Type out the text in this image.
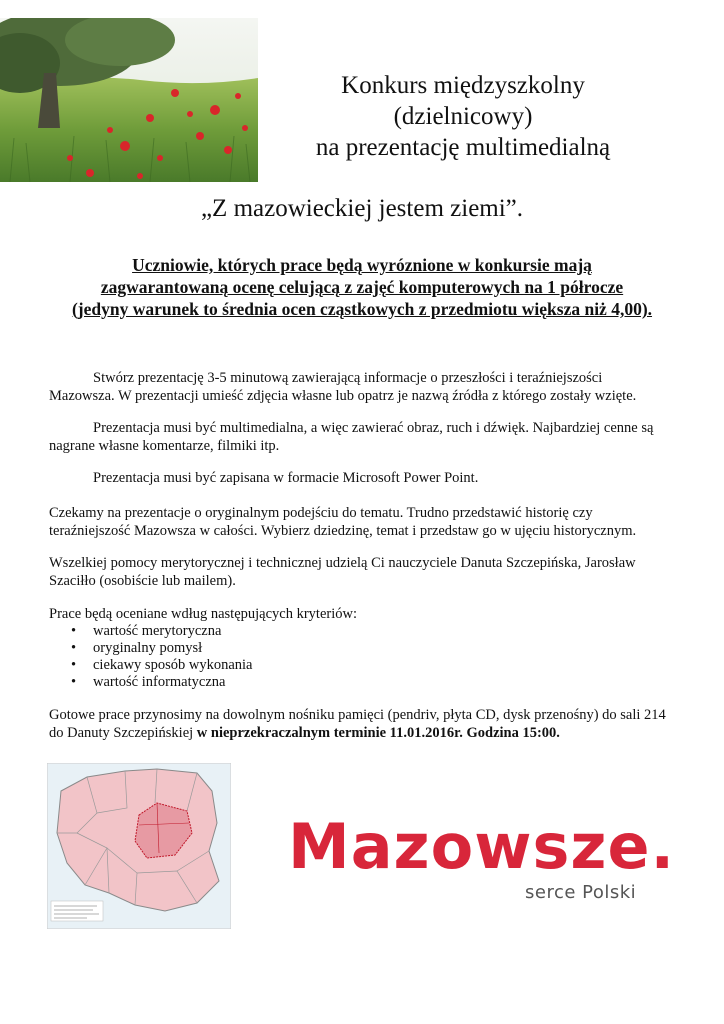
Konkurs międzyszkolny
(dzielnicowy)
na prezentację multimedialną
„Z mazowieckiej jestem ziemi”.
Uczniowie, których prace będą wyróznione w konkursie mają
zagwarantowaną ocenę celującą z zajęć komputerowych na 1 półrocze
(jedyny warunek to średnia ocen cząstkowych z przedmiotu większa niż 4,00).
Stwórz prezentację 3-5 minutową zawierającą informacje o przeszłości i teraźniejszości Mazowsza. W prezentacji umieść zdjęcia własne lub opatrz je nazwą źródła z którego zostały wzięte.
Prezentacja musi być multimedialna, a więc zawierać obraz, ruch i dźwięk. Najbardziej cenne są nagrane własne komentarze, filmiki itp.
Prezentacja musi być zapisana w formacie Microsoft Power Point.
Czekamy na prezentacje o oryginalnym podejściu do tematu. Trudno przedstawić historię czy teraźniejszość Mazowsza w całości. Wybierz dziedzinę, temat i przedstaw go w ujęciu historycznym.
Wszelkiej pomocy merytorycznej i technicznej udzielą Ci nauczyciele Danuta Szczepińska, Jarosław Szaciłło (osobiście lub mailem).
Prace będą oceniane wdług następujących kryteriów:
• wartość merytoryczna
• oryginalny pomysł
• ciekawy sposób wykonania
• wartość informatyczna
Gotowe prace przynosimy na dowolnym nośniku pamięci (pendriv, płyta CD, dysk przenośny) do sali 214 do Danuty Szczepińskiej w nieprzekraczalnym terminie 11.01.2016r. Godzina 15:00.
Mazowsze.
serce Polski
